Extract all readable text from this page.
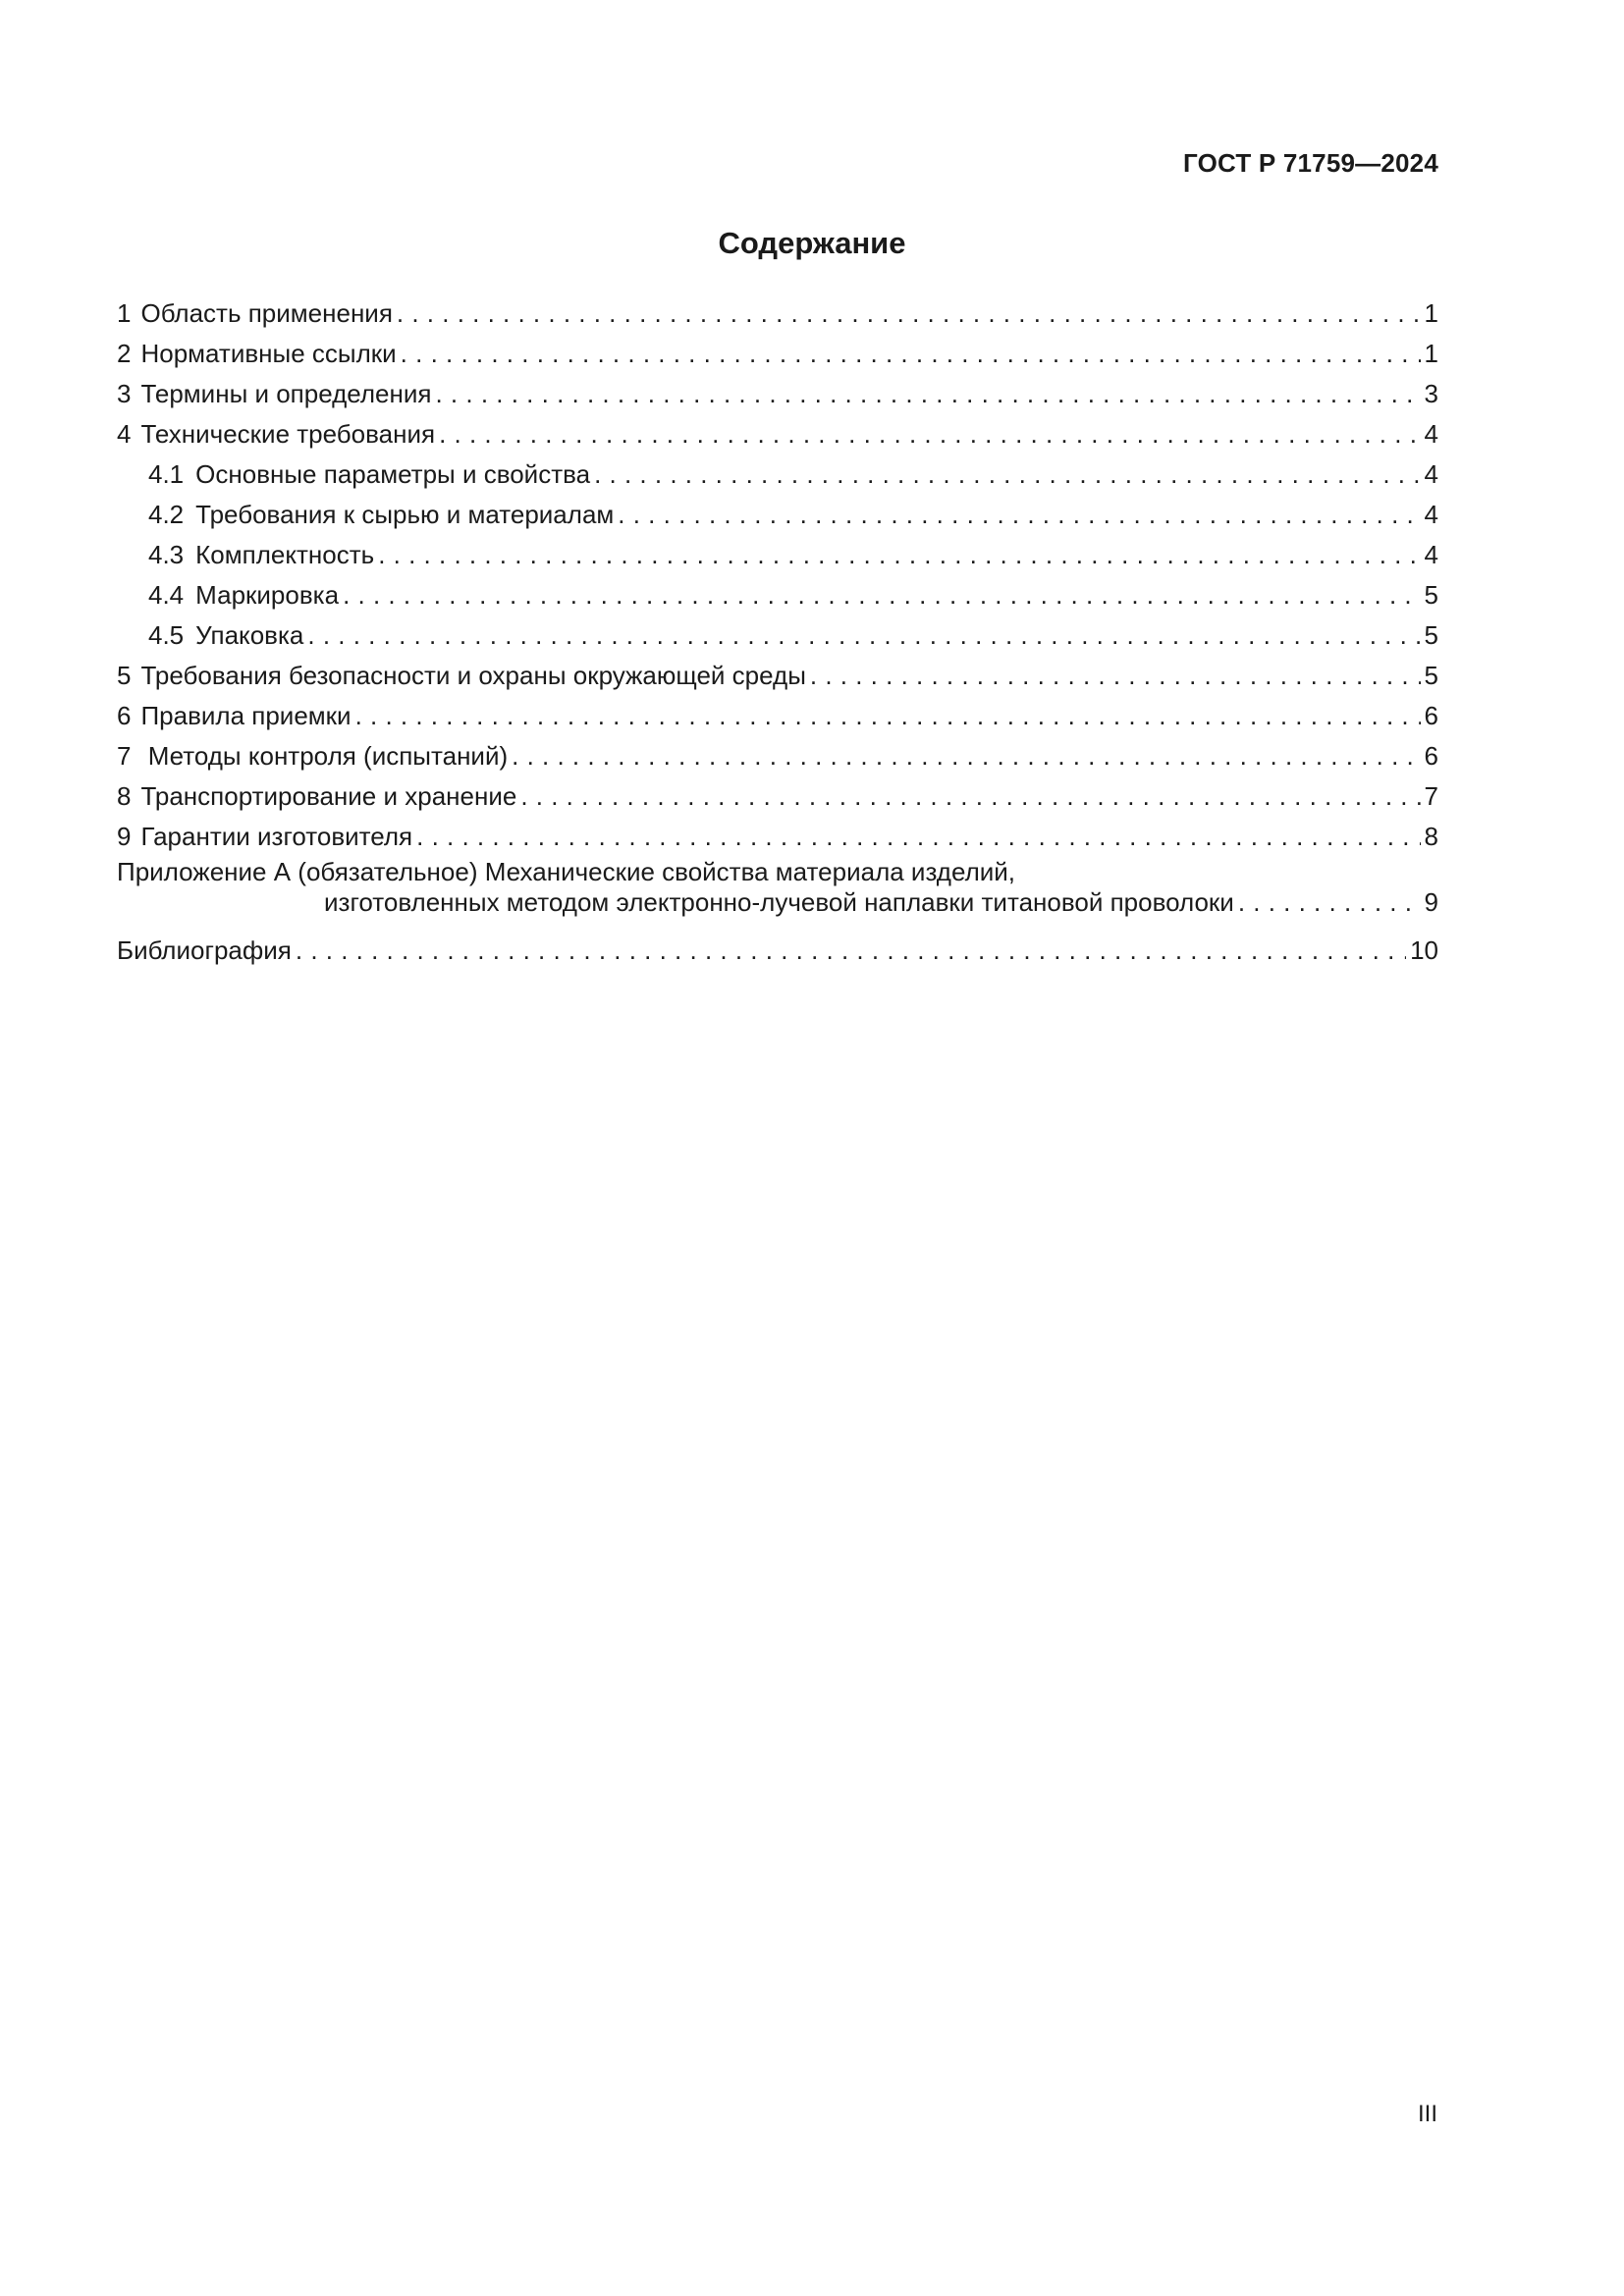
ГОСТ Р 71759—2024
Содержание
1 Область применения . . .	1
2 Нормативные ссылки . . .	1
3 Термины и определения . . .	3
4 Технические требования . . .	4
4.1 Основные параметры и свойства . . .	4
4.2 Требования к сырью и материалам . . .	4
4.3 Комплектность . . .	4
4.4 Маркировка . . .	5
4.5 Упаковка . . .	5
5 Требования безопасности и охраны окружающей среды . . .	5
6 Правила приемки . . .	6
7 Методы контроля (испытаний) . . .	6
8 Транспортирование и хранение . . .	7
9 Гарантии изготовителя . . .	8
Приложение А (обязательное) Механические свойства материала изделий,
изготовленных методом электронно-лучевой наплавки титановой проволоки . . .	9
Библиография . . .	10
III
